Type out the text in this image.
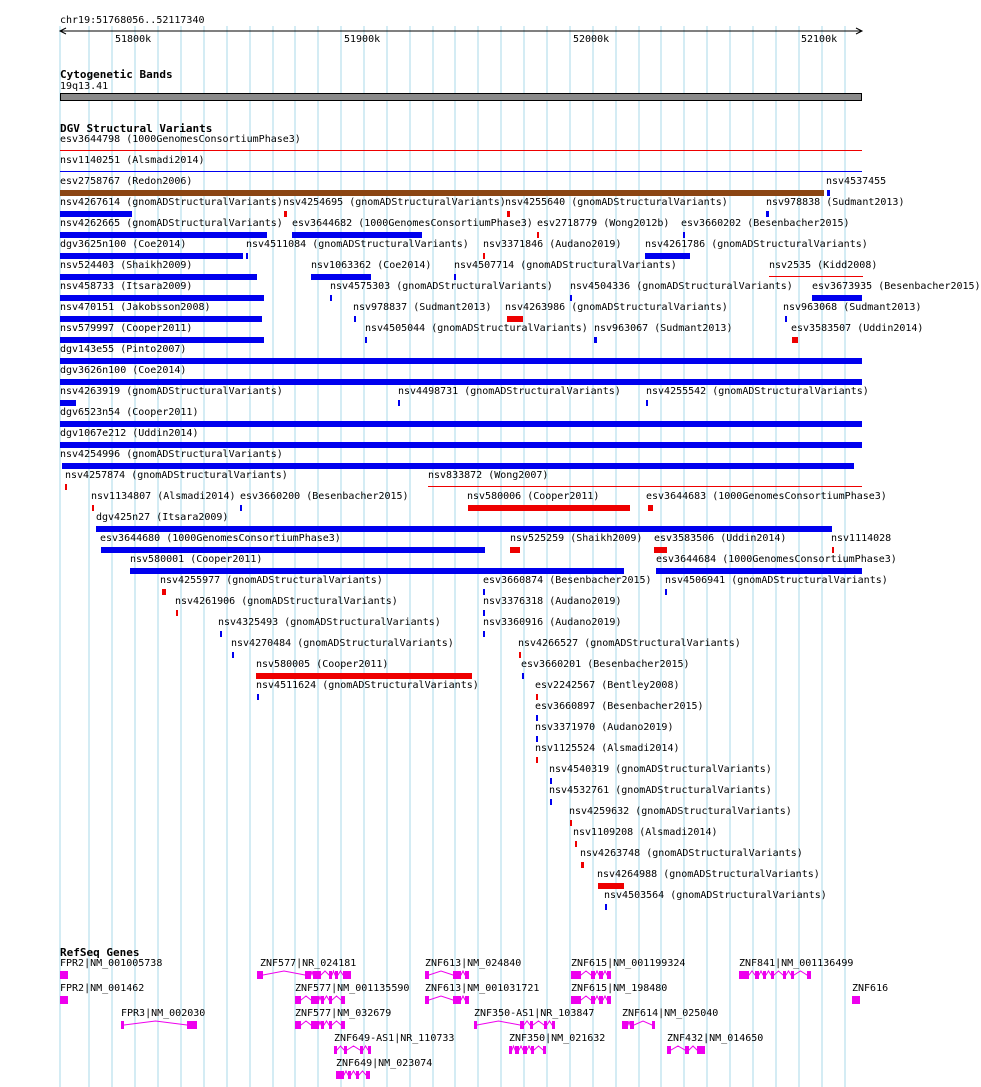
chr19:51768056..52117340
51800k	51900k	52000k	52100k
Cytogenetic Bands
19q13.41
DGV Structural Variants
esv3644798 (1000GenomesConsortiumPhase3)
nsv1140251 (Alsmadi2014)
esv2758767 (Redon2006)	nsv4537455
nsv4267614 (gnomADStructuralVariants) nsv4254695 (gnomADStructuralVariants) nsv4255640 (gnomADStructuralVariants)	nsv978838 (Sudmant2013)
nsv4262665 (gnomADStructuralVariants) esv3644682 (1000GenomesConsortiumPhase3) esv2718779 (Wong2012b) esv3660202 (Besenbacher2015)
dgv3625n100 (Coe2014)	nsv4511084 (gnomADStructuralVariants) nsv3371846 (Audano2019) nsv4261786 (gnomADStructuralVariants)
nsv524403 (Shaikh2009)	nsv1063362 (Coe2014) nsv4507714 (gnomADStructuralVariants)	nsv2535 (Kidd2008)
nsv458733 (Itsara2009)	nsv4575303 (gnomADStructuralVariants) nsv4504336 (gnomADStructuralVariants) esv3673935 (Besenbacher2015)
nsv470151 (Jakobsson2008)	nsv978837 (Sudmant2013) nsv4263986 (gnomADStructuralVariants)	nsv963068 (Sudmant2013)
nsv579997 (Cooper2011)	nsv4505044 (gnomADStructuralVariants) nsv963067 (Sudmant2013)	esv3583507 (Uddin2014)
dgv143e55 (Pinto2007)
dgv3626n100 (Coe2014)
nsv4263919 (gnomADStructuralVariants)	nsv4498731 (gnomADStructuralVariants)	nsv4255542 (gnomADStructuralVariants)
dgv6523n54 (Cooper2011)
dgv1067e212 (Uddin2014)
nsv4254996 (gnomADStructuralVariants)
nsv4257874 (gnomADStructuralVariants)	nsv833872 (Wong2007)
nsv1134807 (Alsmadi2014) esv3660200 (Besenbacher2015)	nsv580006 (Cooper2011)	esv3644683 (1000GenomesConsortiumPhase3)
dgv425n27 (Itsara2009)
esv3644680 (1000GenomesConsortiumPhase3)	nsv525259 (Shaikh2009) esv3583506 (Uddin2014)	nsv1114028
nsv580001 (Cooper2011)	esv3644684 (1000GenomesConsortiumPhase3)
nsv4255977 (gnomADStructuralVariants)	esv3660874 (Besenbacher2015) nsv4506941 (gnomADStructuralVariants)
nsv4261906 (gnomADStructuralVariants)	nsv3376318 (Audano2019)
nsv4325493 (gnomADStructuralVariants)	nsv3360916 (Audano2019)
nsv4270484 (gnomADStructuralVariants)	nsv4266527 (gnomADStructuralVariants)
nsv580005 (Cooper2011)	esv3660201 (Besenbacher2015)
nsv4511624 (gnomADStructuralVariants)	esv2242567 (Bentley2008)
esv3660897 (Besenbacher2015)
nsv3371970 (Audano2019)
nsv1125524 (Alsmadi2014)
nsv4540319 (gnomADStructuralVariants)
nsv4532761 (gnomADStructuralVariants)
nsv4259632 (gnomADStructuralVariants)
nsv1109208 (Alsmadi2014)
nsv4263748 (gnomADStructuralVariants)
nsv4264988 (gnomADStructuralVariants)
nsv4503564 (gnomADStructuralVariants)
RefSeq Genes
FPR2|NM_001005738	ZNF577|NR_024181	ZNF613|NM_024840	ZNF615|NM_001199324	ZNF841|NM_001136499
FPR2|NM_001462	ZNF577|NM_001135590 ZNF613|NM_001031721	ZNF615|NM_198480	ZNF616
FPR3|NM_002030	ZNF577|NM_032679	ZNF350-AS1|NR_103847	ZNF614|NM_025040
ZNF649-AS1|NR_110733	ZNF350|NM_021632	ZNF432|NM_014650
ZNF649|NM_023074
